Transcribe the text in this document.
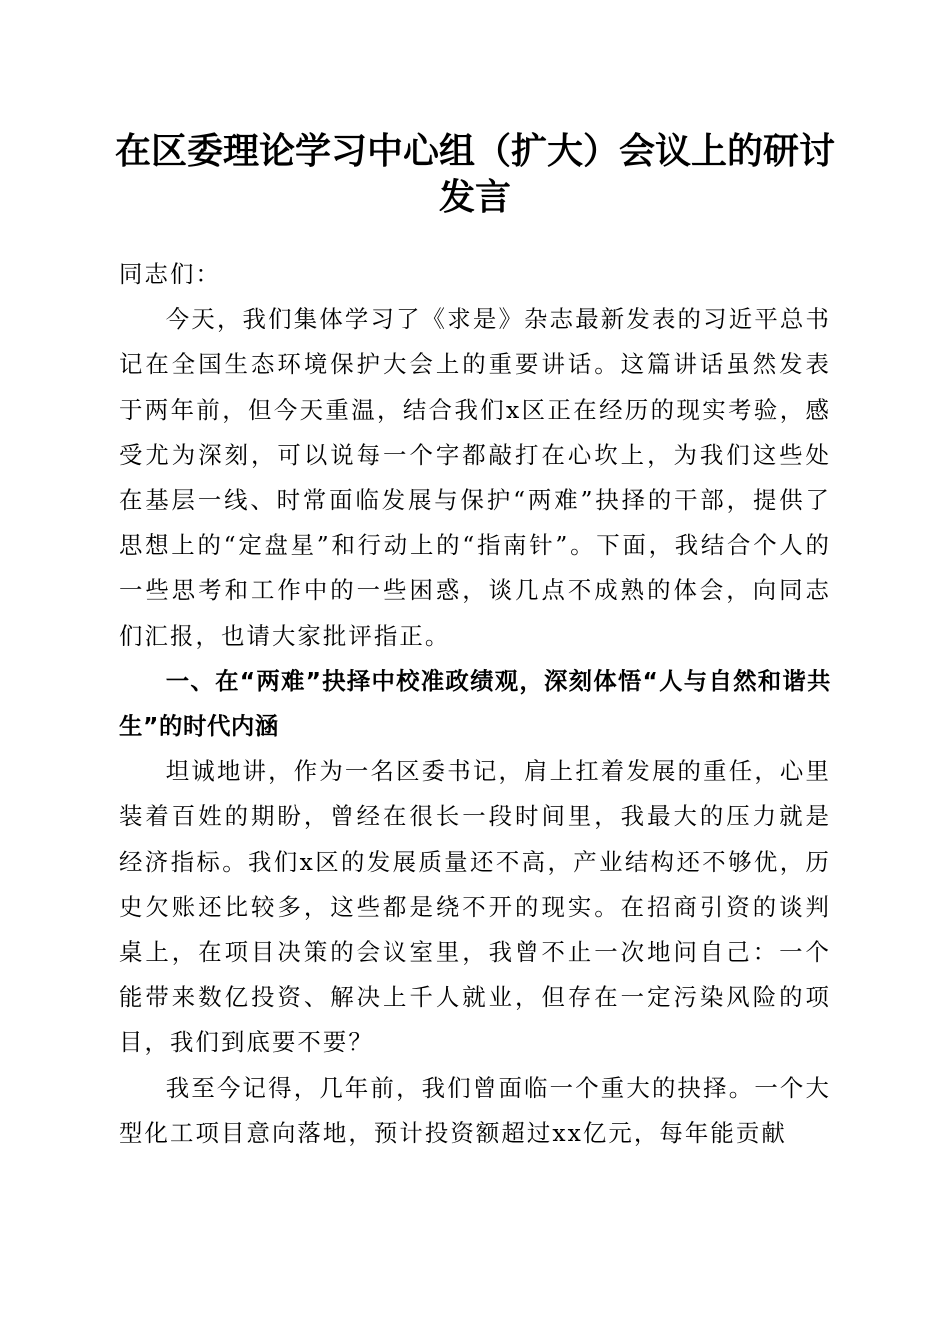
在区委理论学习中心组（扩大）会议上的研讨发言

同志们：

今天，我们集体学习了《求是》杂志最新发表的习近平总书记在全国生态环境保护大会上的重要讲话。这篇讲话虽然发表于两年前，但今天重温，结合我们x区正在经历的现实考验，感受尤为深刻，可以说每一个字都敲打在心坎上，为我们这些处在基层一线、时常面临发展与保护“两难”抉择的干部，提供了思想上的“定盘星”和行动上的“指南针”。下面，我结合个人的一些思考和工作中的一些困惑，谈几点不成熟的体会，向同志们汇报，也请大家批评指正。

一、在“两难”抉择中校准政绩观，深刻体悟“人与自然和谐共生”的时代内涵

坦诚地讲，作为一名区委书记，肩上扛着发展的重任，心里装着百姓的期盼，曾经在很长一段时间里，我最大的压力就是经济指标。我们x区的发展质量还不高，产业结构还不够优，历史欠账还比较多，这些都是绕不开的现实。在招商引资的谈判桌上，在项目决策的会议室里，我曾不止一次地问自己：一个能带来数亿投资、解决上千人就业，但存在一定污染风险的项目，我们到底要不要？

我至今记得，几年前，我们曾面临一个重大的抉择。一个大型化工项目意向落地，预计投资额超过xx亿元，每年能贡献
